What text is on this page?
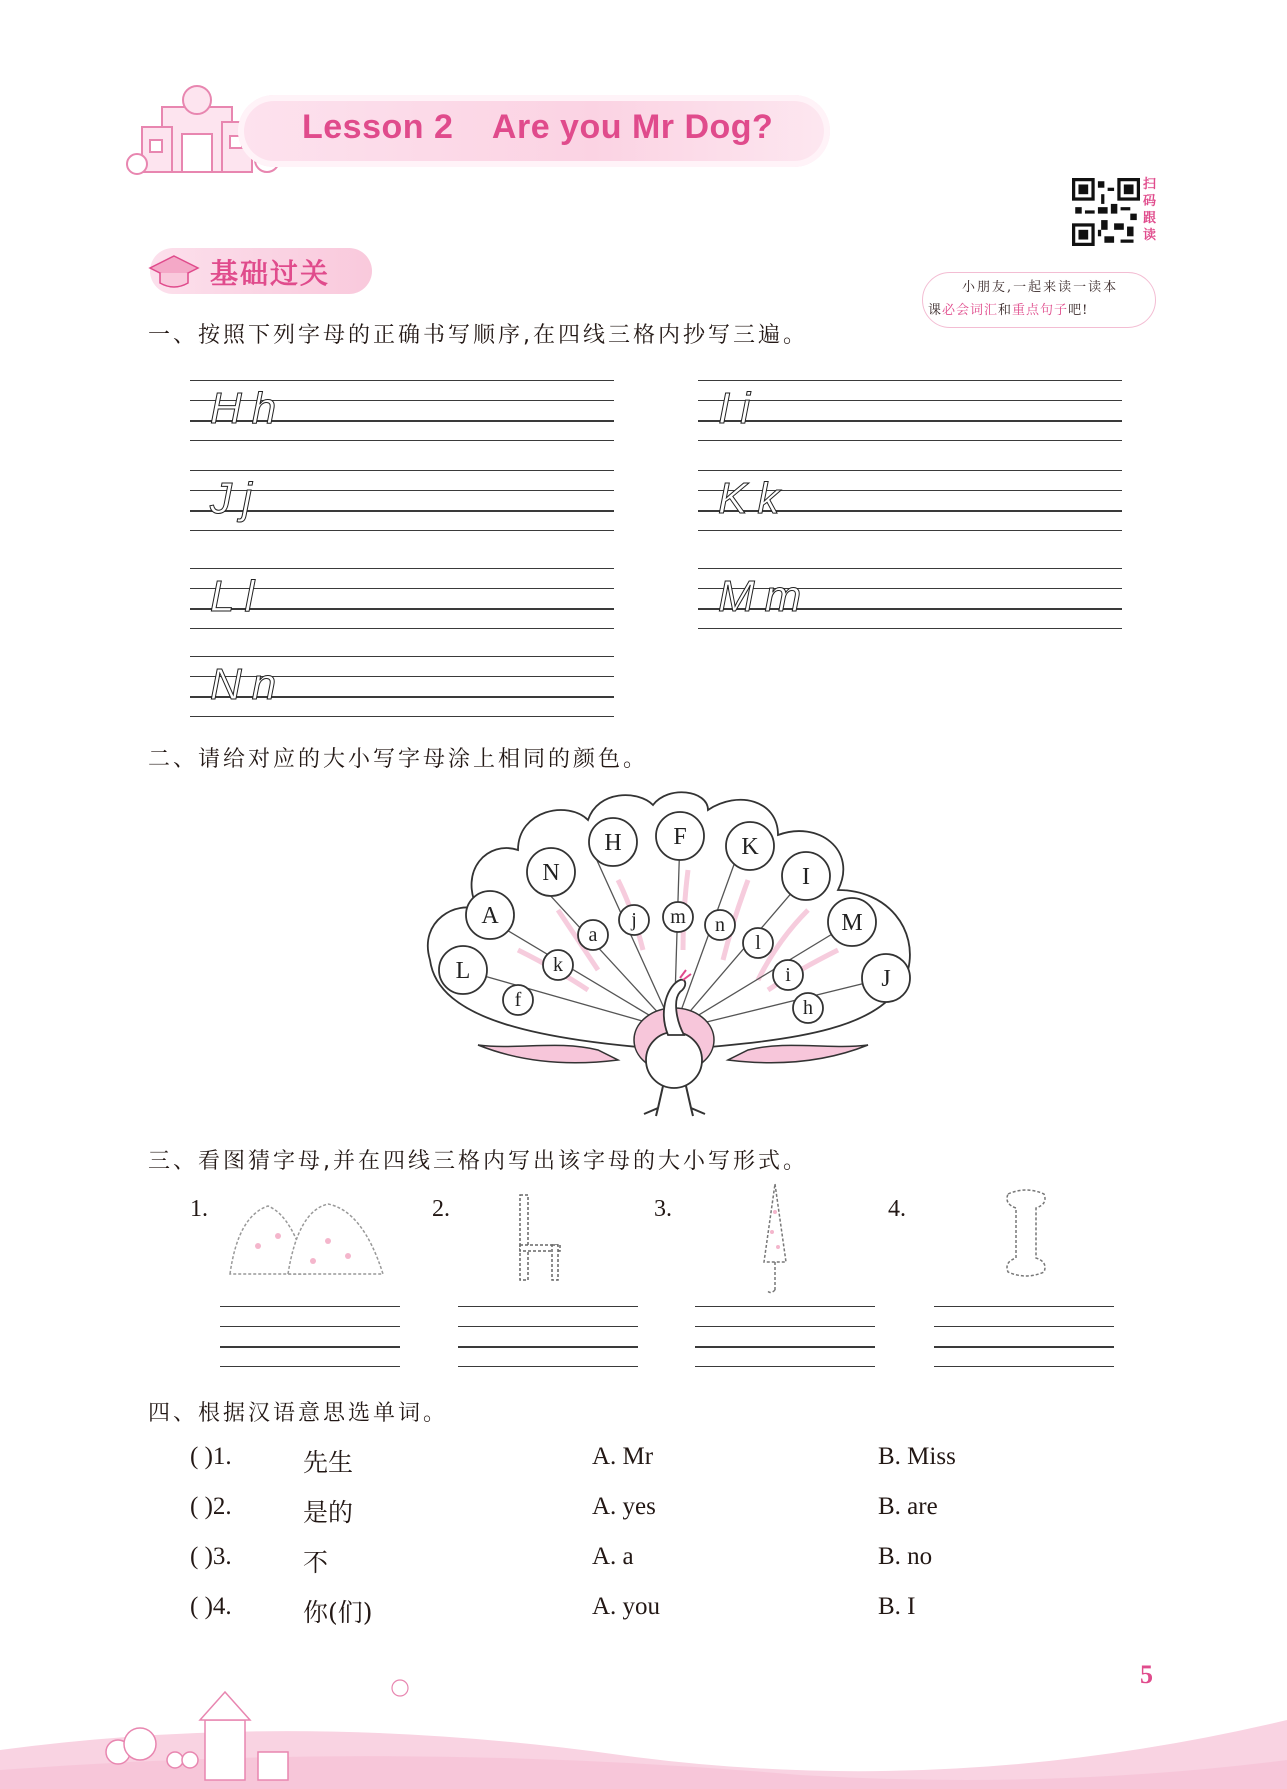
Lesson 2    Are you Mr Dog?
基础过关
扫
码
跟
读
小朋友,一起来读一读本
课必会词汇和重点句子吧!
一、按照下列字母的正确书写顺序,在四线三格内抄写三遍。
Hh	Ii
Jj	Kk
Ll	Mm
Nn
二、请给对应的大小写字母涂上相同的颜色。
L
A
N
H F K
I
M
J
f
k
a
j m n
l
i
h
三、看图猜字母,并在四线三格内写出该字母的大小写形式。
1.	2.	3.	4.
四、根据汉语意思选单词。
( )1.	先生	A. Mr	B. Miss
( )2.	是的	A. yes	B. are
( )3.	不	A. a	B. no
( )4.	你(们)	A. you	B. I
5
